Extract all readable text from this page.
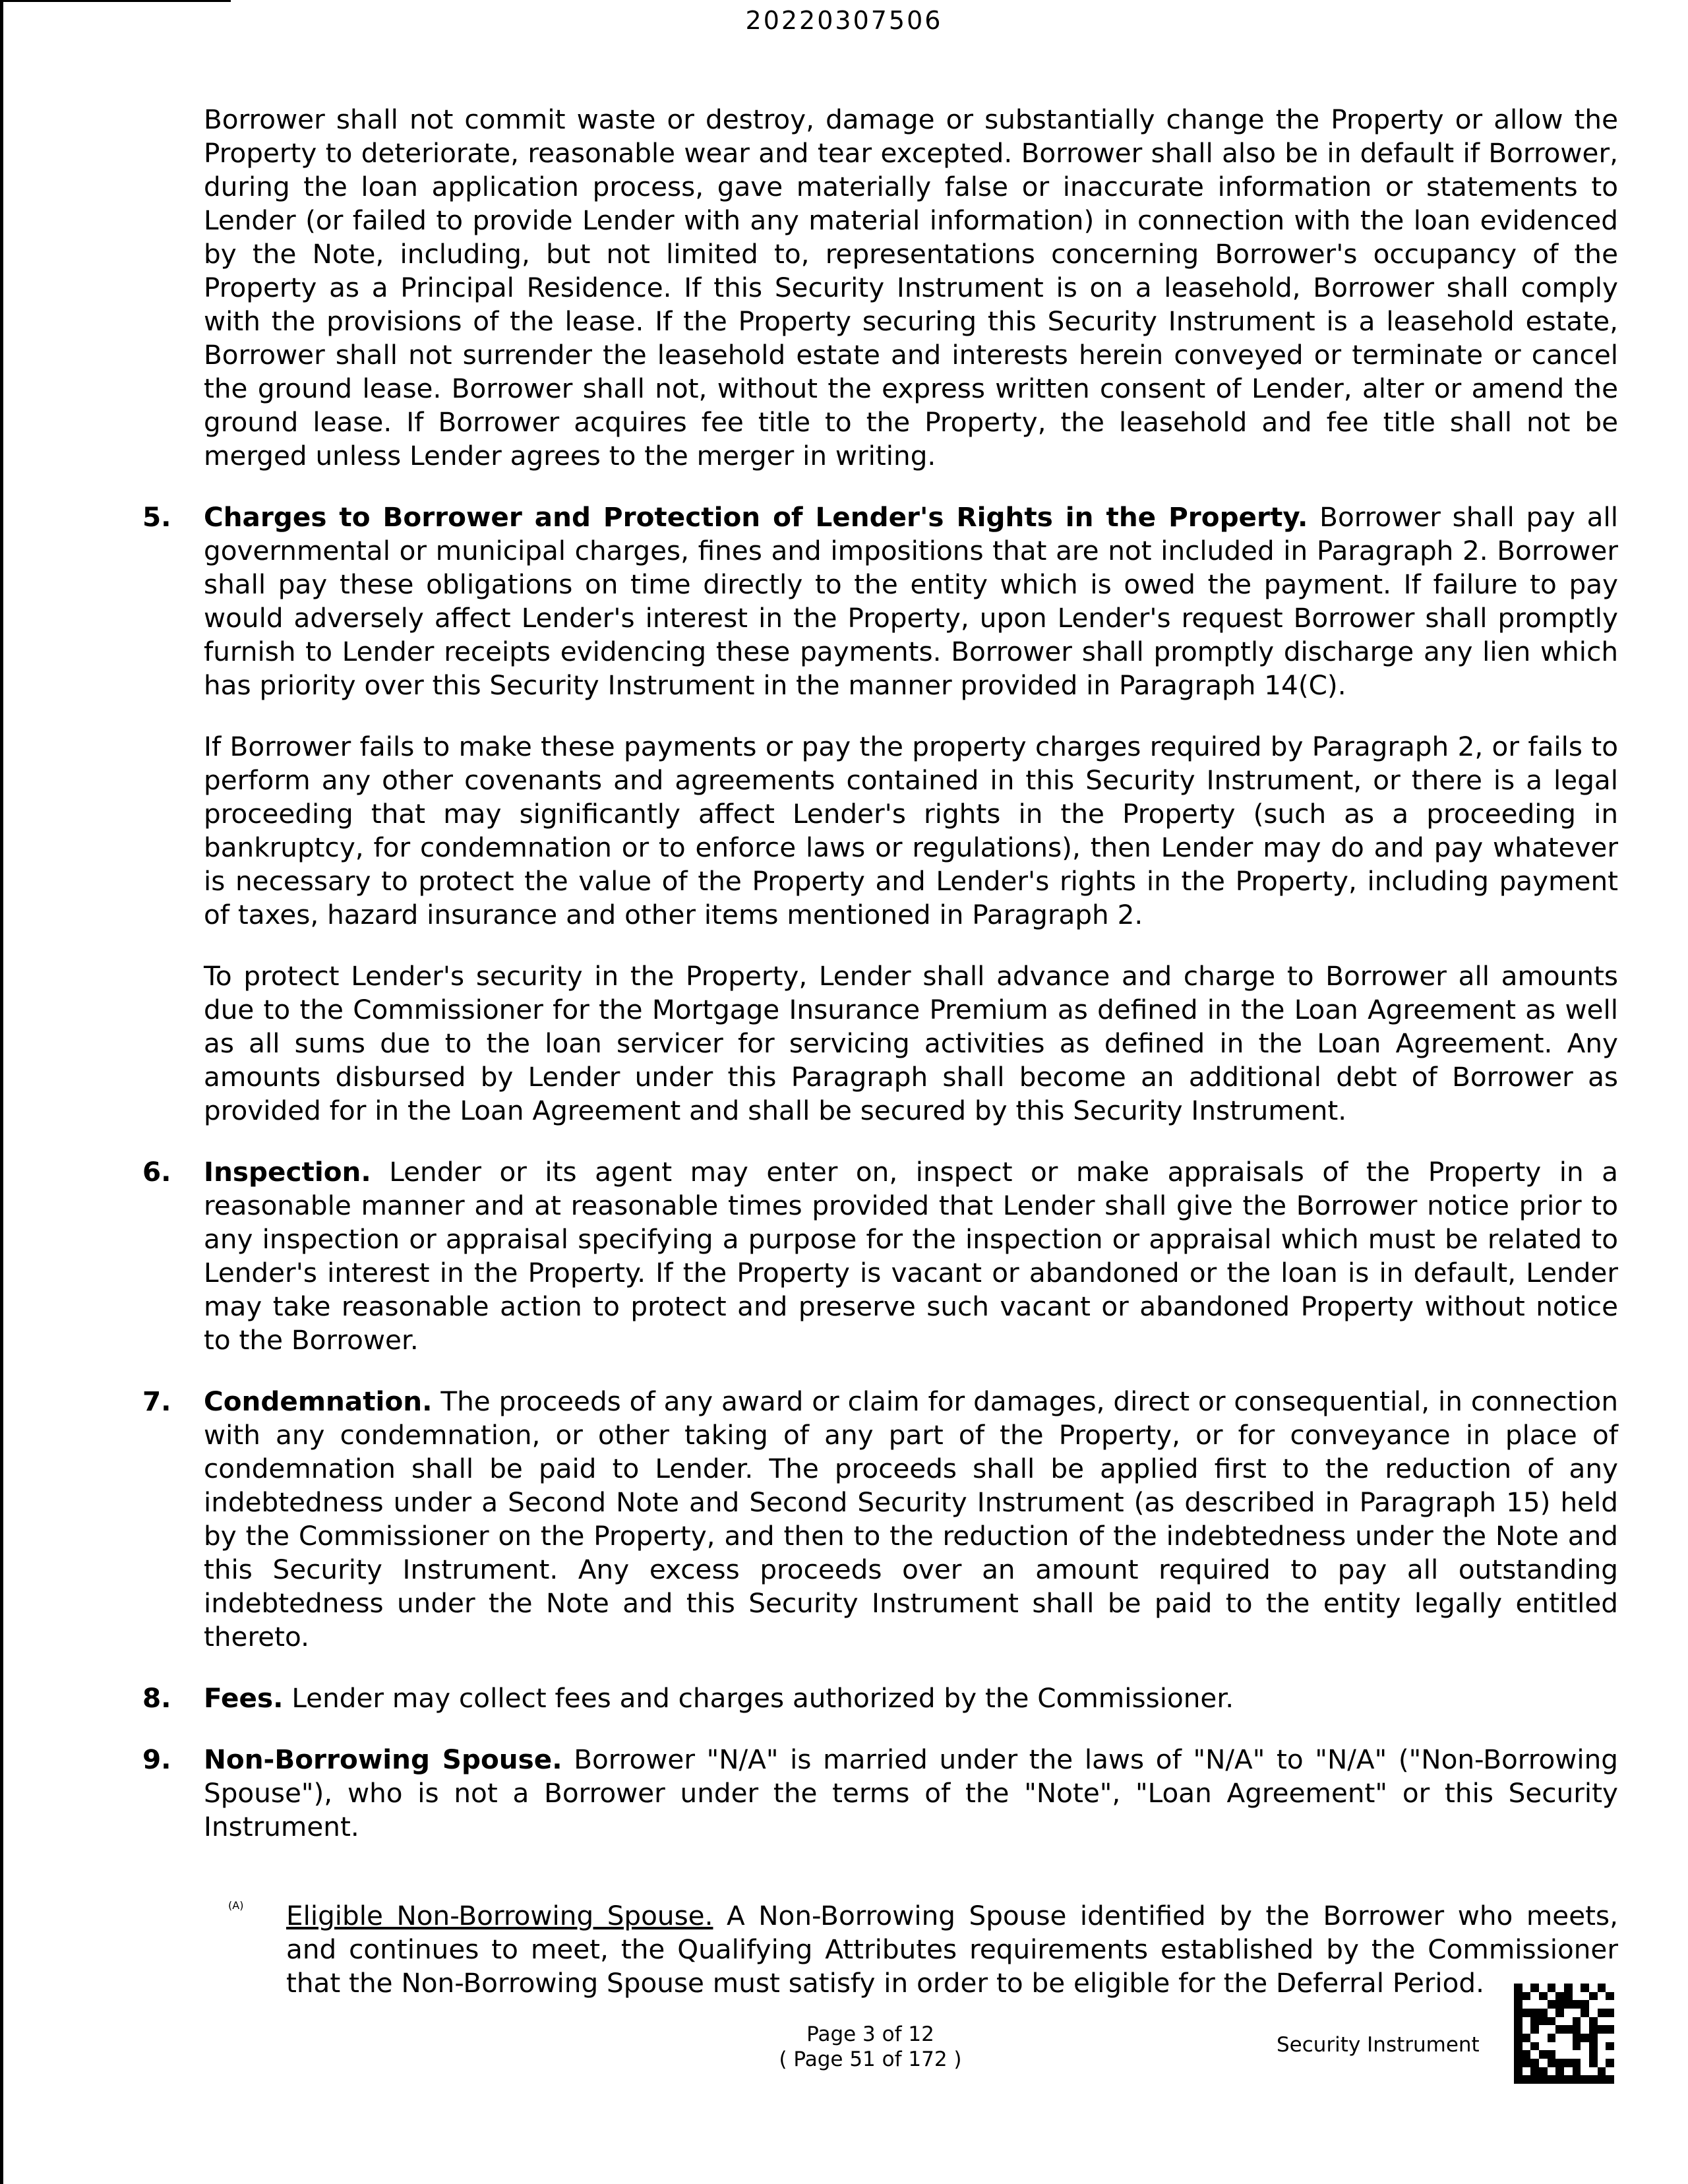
20220307506

Borrower shall not commit waste or destroy, damage or substantially change the Property or allow the Property to deteriorate, reasonable wear and tear excepted. Borrower shall also be in default if Borrower, during the loan application process, gave materially false or inaccurate information or statements to Lender (or failed to provide Lender with any material information) in connection with the loan evidenced by the Note, including, but not limited to, representations concerning Borrower's occupancy of the Property as a Principal Residence. If this Security Instrument is on a leasehold, Borrower shall comply with the provisions of the lease. If the Property securing this Security Instrument is a leasehold estate, Borrower shall not surrender the leasehold estate and interests herein conveyed or terminate or cancel the ground lease. Borrower shall not, without the express written consent of Lender, alter or amend the ground lease. If Borrower acquires fee title to the Property, the leasehold and fee title shall not be merged unless Lender agrees to the merger in writing.

5.	Charges to Borrower and Protection of Lender's Rights in the Property. Borrower shall pay all governmental or municipal charges, fines and impositions that are not included in Paragraph 2. Borrower shall pay these obligations on time directly to the entity which is owed the payment. If failure to pay would adversely affect Lender's interest in the Property, upon Lender's request Borrower shall promptly furnish to Lender receipts evidencing these payments. Borrower shall promptly discharge any lien which has priority over this Security Instrument in the manner provided in Paragraph 14(C).

If Borrower fails to make these payments or pay the property charges required by Paragraph 2, or fails to perform any other covenants and agreements contained in this Security Instrument, or there is a legal proceeding that may significantly affect Lender's rights in the Property (such as a proceeding in bankruptcy, for condemnation or to enforce laws or regulations), then Lender may do and pay whatever is necessary to protect the value of the Property and Lender's rights in the Property, including payment of taxes, hazard insurance and other items mentioned in Paragraph 2.

To protect Lender's security in the Property, Lender shall advance and charge to Borrower all amounts due to the Commissioner for the Mortgage Insurance Premium as defined in the Loan Agreement as well as all sums due to the loan servicer for servicing activities as defined in the Loan Agreement. Any amounts disbursed by Lender under this Paragraph shall become an additional debt of Borrower as provided for in the Loan Agreement and shall be secured by this Security Instrument.

6.	Inspection. Lender or its agent may enter on, inspect or make appraisals of the Property in a reasonable manner and at reasonable times provided that Lender shall give the Borrower notice prior to any inspection or appraisal specifying a purpose for the inspection or appraisal which must be related to Lender's interest in the Property. If the Property is vacant or abandoned or the loan is in default, Lender may take reasonable action to protect and preserve such vacant or abandoned Property without notice to the Borrower.

7.	Condemnation. The proceeds of any award or claim for damages, direct or consequential, in connection with any condemnation, or other taking of any part of the Property, or for conveyance in place of condemnation shall be paid to Lender. The proceeds shall be applied first to the reduction of any indebtedness under a Second Note and Second Security Instrument (as described in Paragraph 15) held by the Commissioner on the Property, and then to the reduction of the indebtedness under the Note and this Security Instrument. Any excess proceeds over an amount required to pay all outstanding indebtedness under the Note and this Security Instrument shall be paid to the entity legally entitled thereto.

8.	Fees. Lender may collect fees and charges authorized by the Commissioner.

9.	Non-Borrowing Spouse. Borrower "N/A" is married under the laws of "N/A" to "N/A" ("Non-Borrowing Spouse"), who is not a Borrower under the terms of the "Note", "Loan Agreement" or this Security Instrument.

(A)	Eligible Non-Borrowing Spouse. A Non-Borrowing Spouse identified by the Borrower who meets, and continues to meet, the Qualifying Attributes requirements established by the Commissioner that the Non-Borrowing Spouse must satisfy in order to be eligible for the Deferral Period.

Page 3 of 12
( Page 51 of 172 )
Security Instrument
